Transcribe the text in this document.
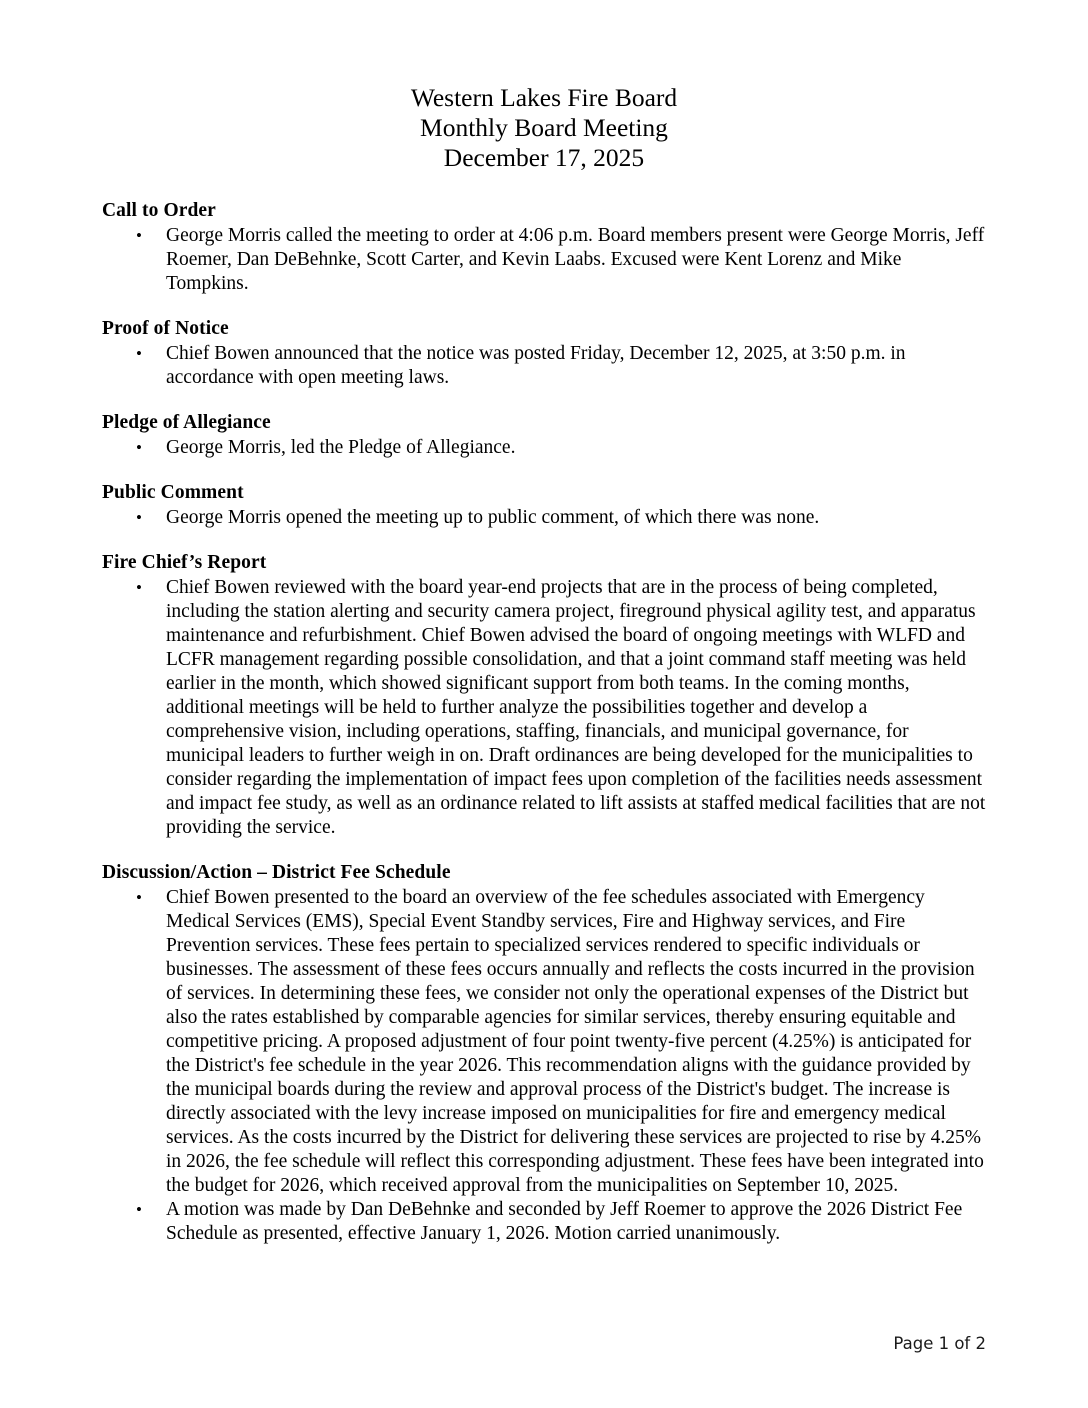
Western Lakes Fire Board
Monthly Board Meeting
December 17, 2025
Call to Order
• George Morris called the meeting to order at 4:06 p.m. Board members present were George Morris, Jeff Roemer, Dan DeBehnke, Scott Carter, and Kevin Laabs. Excused were Kent Lorenz and Mike Tompkins.
Proof of Notice
• Chief Bowen announced that the notice was posted Friday, December 12, 2025, at 3:50 p.m. in accordance with open meeting laws.
Pledge of Allegiance
• George Morris, led the Pledge of Allegiance.
Public Comment
• George Morris opened the meeting up to public comment, of which there was none.
Fire Chief’s Report
• Chief Bowen reviewed with the board year-end projects that are in the process of being completed, including the station alerting and security camera project, fireground physical agility test, and apparatus maintenance and refurbishment. Chief Bowen advised the board of ongoing meetings with WLFD and LCFR management regarding possible consolidation, and that a joint command staff meeting was held earlier in the month, which showed significant support from both teams. In the coming months, additional meetings will be held to further analyze the possibilities together and develop a comprehensive vision, including operations, staffing, financials, and municipal governance, for municipal leaders to further weigh in on. Draft ordinances are being developed for the municipalities to consider regarding the implementation of impact fees upon completion of the facilities needs assessment and impact fee study, as well as an ordinance related to lift assists at staffed medical facilities that are not providing the service.
Discussion/Action – District Fee Schedule
• Chief Bowen presented to the board an overview of the fee schedules associated with Emergency Medical Services (EMS), Special Event Standby services, Fire and Highway services, and Fire Prevention services. These fees pertain to specialized services rendered to specific individuals or businesses. The assessment of these fees occurs annually and reflects the costs incurred in the provision of services. In determining these fees, we consider not only the operational expenses of the District but also the rates established by comparable agencies for similar services, thereby ensuring equitable and competitive pricing. A proposed adjustment of four point twenty-five percent (4.25%) is anticipated for the District's fee schedule in the year 2026. This recommendation aligns with the guidance provided by the municipal boards during the review and approval process of the District's budget. The increase is directly associated with the levy increase imposed on municipalities for fire and emergency medical services. As the costs incurred by the District for delivering these services are projected to rise by 4.25% in 2026, the fee schedule will reflect this corresponding adjustment. These fees have been integrated into the budget for 2026, which received approval from the municipalities on September 10, 2025.
• A motion was made by Dan DeBehnke and seconded by Jeff Roemer to approve the 2026 District Fee Schedule as presented, effective January 1, 2026. Motion carried unanimously.
Page 1 of 2
